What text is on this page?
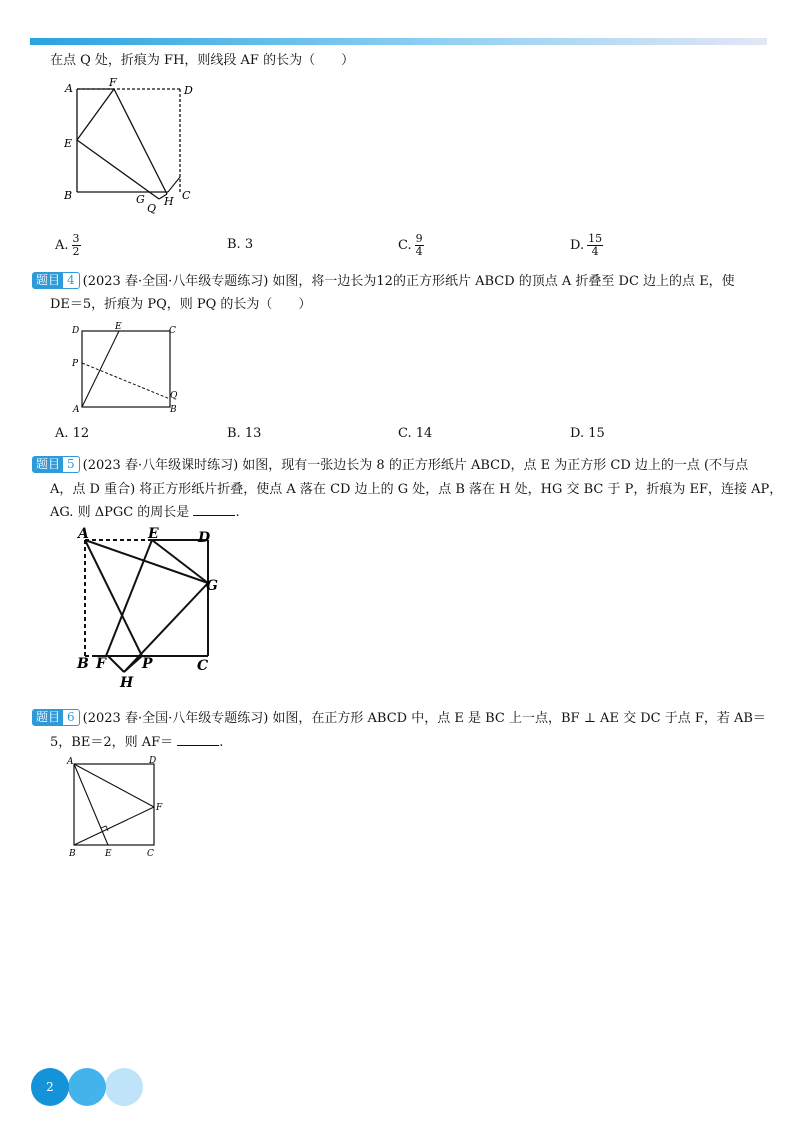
在点 Q 处，折痕为 FH，则线段 AF 的长为（　　）
A	F
D
E
B	G
Q
H C
A. $\frac{3}{2}$	B. 3	C. $\frac{9}{4}$	D. $\frac{15}{4}$
题目 4 (2023 春·全国·八年级专题练习) 如图，将一边长为12的正方形纸片 ABCD 的顶点 A 折叠至 DC 边上的点 E，使
DE＝5，折痕为 PQ，则 PQ 的长为（　　）
D	E	C
P
Q
A	B
A. 12	B. 13	C. 14	D. 15
题目 5 (2023 春·八年级课时练习) 如图，现有一张边长为 8 的正方形纸片 ABCD，点 E 为正方形 CD 边上的一点 (不与点
A，点 D 重合) 将正方形纸片折叠，使点 A 落在 CD 边上的 G 处，点 B 落在 H 处，HG 交 BC 于 P，折痕为 EF，连接 AP，
AG. 则 ΔPGC 的周长是	.
A	E	D
G
B F	P	C
H
题目 6 (2023 春·全国·八年级专题练习) 如图，在正方形 ABCD 中，点 E 是 BC 上一点，BF ⊥ AE 交 DC 于点 F，若 AB＝
5，BE＝2，则 AF＝	.
A	D
F
B	E	C
2
